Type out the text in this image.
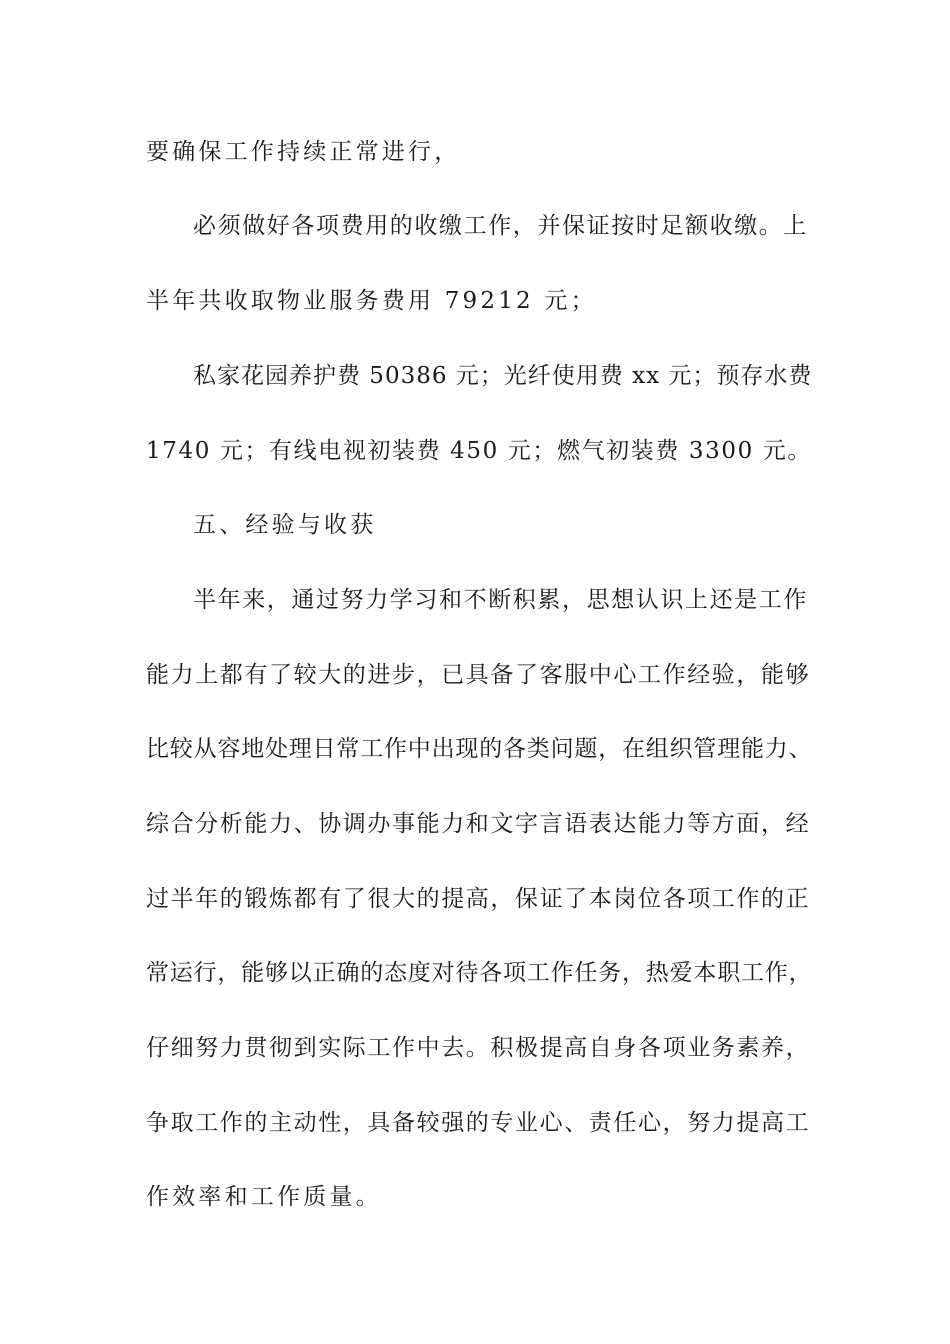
要确保工作持续正常进行，
必须做好各项费用的收缴工作，并保证按时足额收缴。上
半年共收取物业服务费用 79212 元；
私家花园养护费 50386 元；光纤使用费 xx 元；预存水费
1740 元；有线电视初装费 450 元；燃气初装费 3300 元。
五、经验与收获
半年来，通过努力学习和不断积累，思想认识上还是工作
能力上都有了较大的进步，已具备了客服中心工作经验，能够
比较从容地处理日常工作中出现的各类问题，在组织管理能力、
综合分析能力、协调办事能力和文字言语表达能力等方面，经
过半年的锻炼都有了很大的提高，保证了本岗位各项工作的正
常运行，能够以正确的态度对待各项工作任务，热爱本职工作，
仔细努力贯彻到实际工作中去。积极提高自身各项业务素养，
争取工作的主动性，具备较强的专业心、责任心，努力提高工
作效率和工作质量。
